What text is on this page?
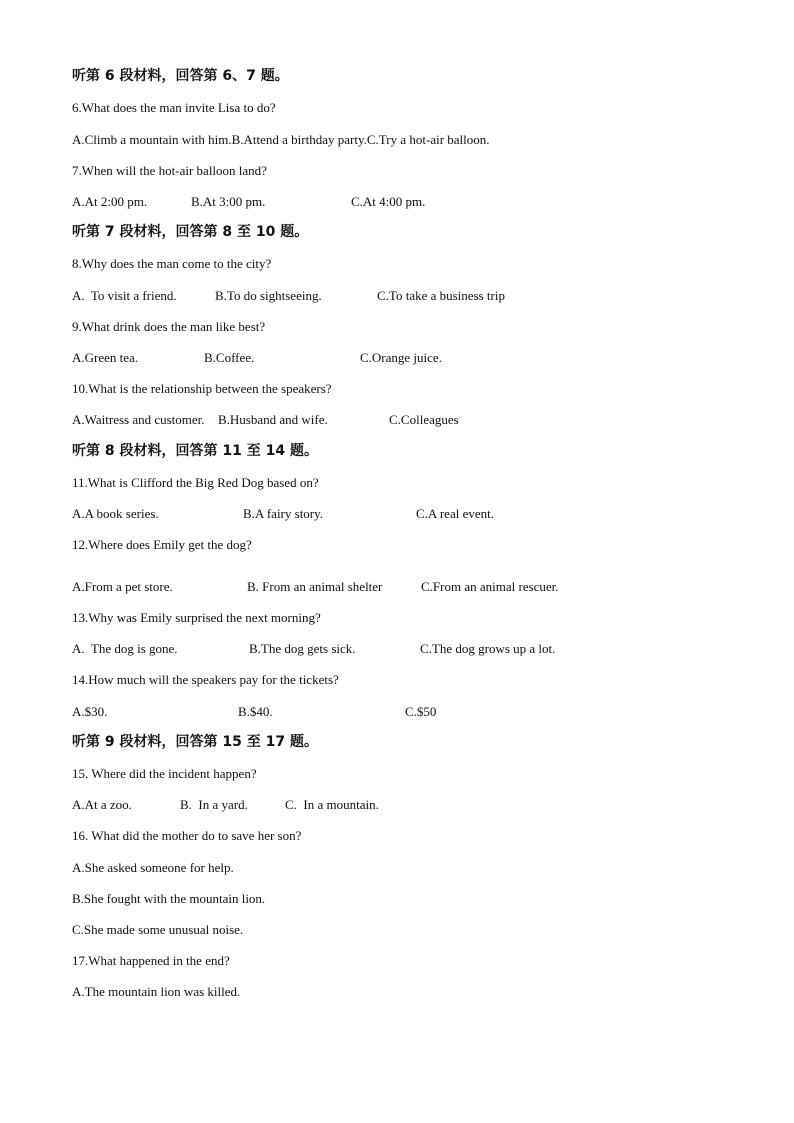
听第 6 段材料，回答第 6、7 题。
6.What does the man invite Lisa to do?
A.Climb a mountain with him.B.Attend a birthday party.C.Try a hot-air balloon.
7.When will the hot-air balloon land?
A.At 2:00 pm.	B.At 3:00 pm.	C.At 4:00 pm.
听第 7 段材料，回答第 8 至 10 题。
8.Why does the man come to the city?
A.  To visit a friend.	B.To do sightseeing.	C.To take a business trip
9.What drink does the man like best?
A.Green tea.	B.Coffee.	C.Orange juice.
10.What is the relationship between the speakers?
A.Waitress and customer. B.Husband and wife.	C.Colleagues
听第 8 段材料，回答第 11 至 14 题。
11.What is Clifford the Big Red Dog based on?
A.A book series.	B.A fairy story.	C.A real event.
12.Where does Emily get the dog?
A.From a pet store.	B. From an animal shelter	C.From an animal rescuer.
13.Why was Emily surprised the next morning?
A.  The dog is gone.	B.The dog gets sick.	C.The dog grows up a lot.
14.How much will the speakers pay for the tickets?
A.$30.	B.$40.	C.$50
听第 9 段材料，回答第 15 至 17 题。
15. Where did the incident happen?
A.At a zoo.	B.  In a yard.	C.  In a mountain.
16. What did the mother do to save her son?
A.She asked someone for help.
B.She fought with the mountain lion.
C.She made some unusual noise.
17.What happened in the end?
A.The mountain lion was killed.
